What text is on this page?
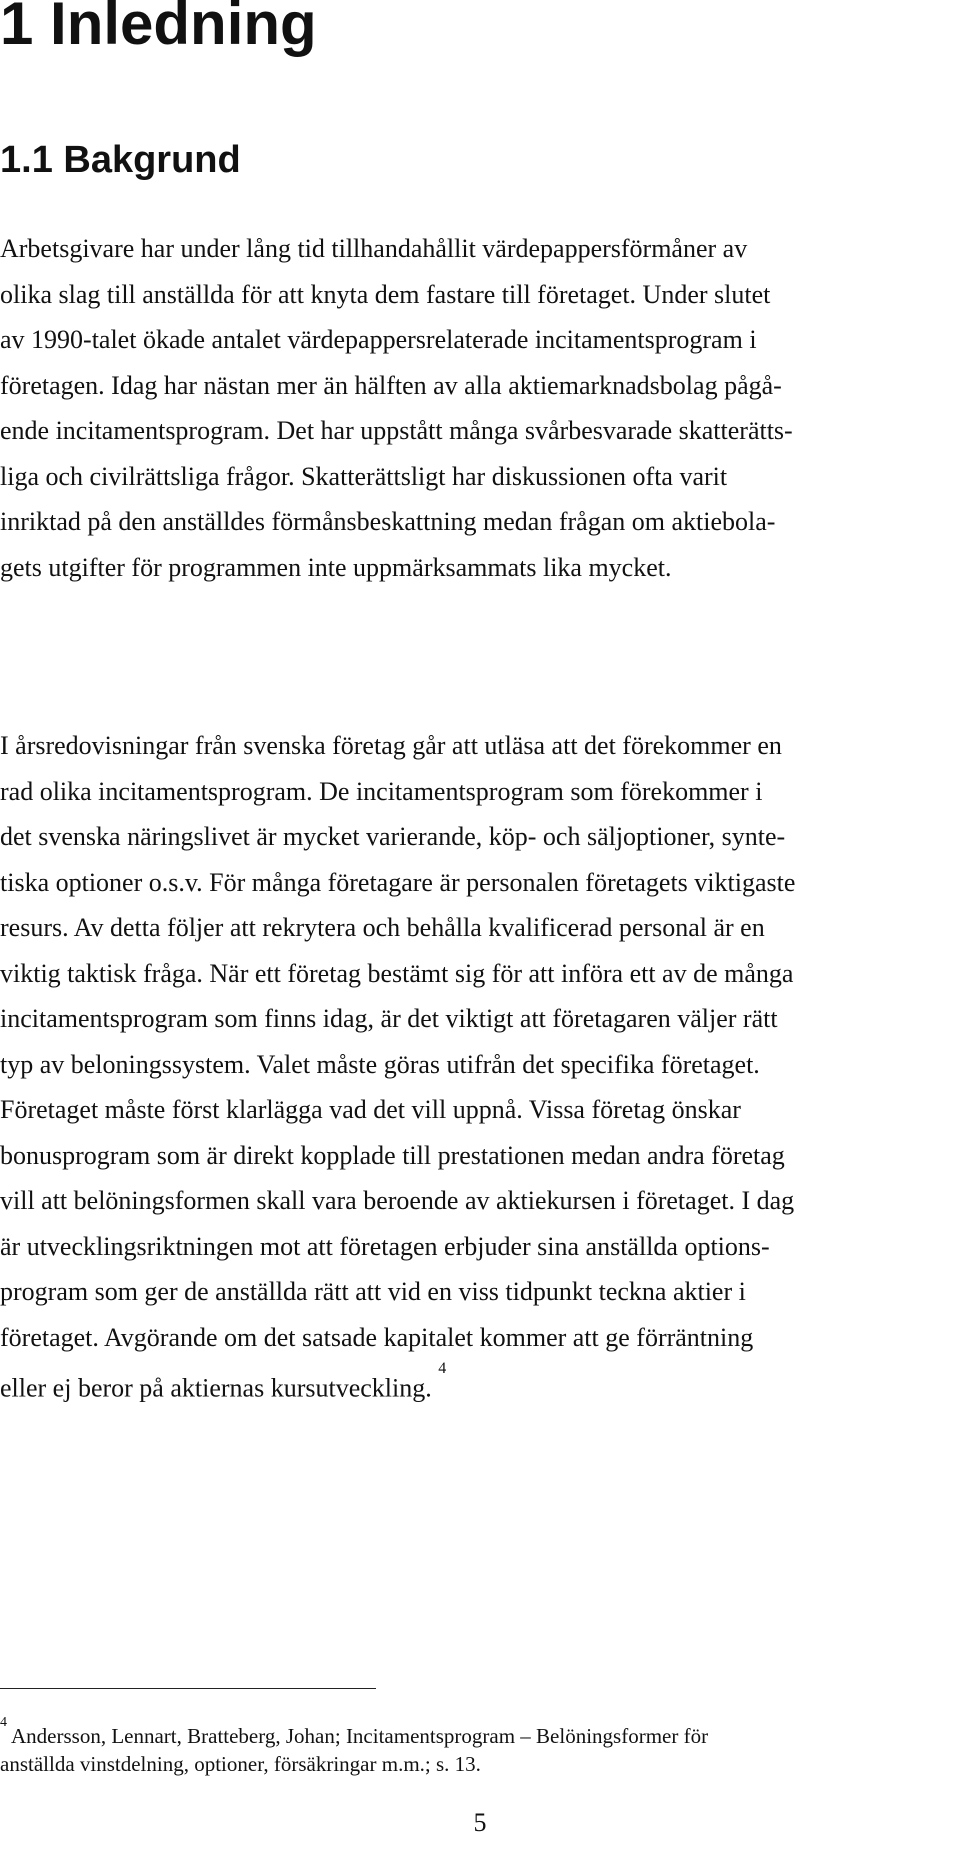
1 Inledning
1.1 Bakgrund

Arbetsgivare har under lång tid tillhandahållit värdepappersförmåner av
olika slag till anställda för att knyta dem fastare till företaget. Under slutet
av 1990-talet ökade antalet värdepappersrelaterade incitamentsprogram i
företagen. Idag har nästan mer än hälften av alla aktiemarknadsbolag pågå-
ende incitamentsprogram. Det har uppstått många svårbesvarade skatterätts-
liga och civilrättsliga frågor. Skatterättsligt har diskussionen ofta varit
inriktad på den anställdes förmånsbeskattning medan frågan om aktiebola-
gets utgifter för programmen inte uppmärksammats lika mycket.

I årsredovisningar från svenska företag går att utläsa att det förekommer en
rad olika incitamentsprogram. De incitamentsprogram som förekommer i
det svenska näringslivet är mycket varierande, köp- och säljoptioner, synte-
tiska optioner o.s.v. För många företagare är personalen företagets viktigaste
resurs. Av detta följer att rekrytera och behålla kvalificerad personal är en
viktig taktisk fråga. När ett företag bestämt sig för att införa ett av de många
incitamentsprogram som finns idag, är det viktigt att företagaren väljer rätt
typ av beloningssystem. Valet måste göras utifrån det specifika företaget.
Företaget måste först klarlägga vad det vill uppnå. Vissa företag önskar
bonusprogram som är direkt kopplade till prestationen medan andra företag
vill att belöningsformen skall vara beroende av aktiekursen i företaget. I dag
är utvecklingsriktningen mot att företagen erbjuder sina anställda options-
program som ger de anställda rätt att vid en viss tidpunkt teckna aktier i
företaget. Avgörande om det satsade kapitalet kommer att ge förräntning
eller ej beror på aktiernas kursutveckling. $^4$

$^4$Andersson, Lennart, Bratteberg, Johan; Incitamentsprogram – Belöningsformer för
anställda vinstdelning, optioner, försäkringar m.m.; s. 13.

5
